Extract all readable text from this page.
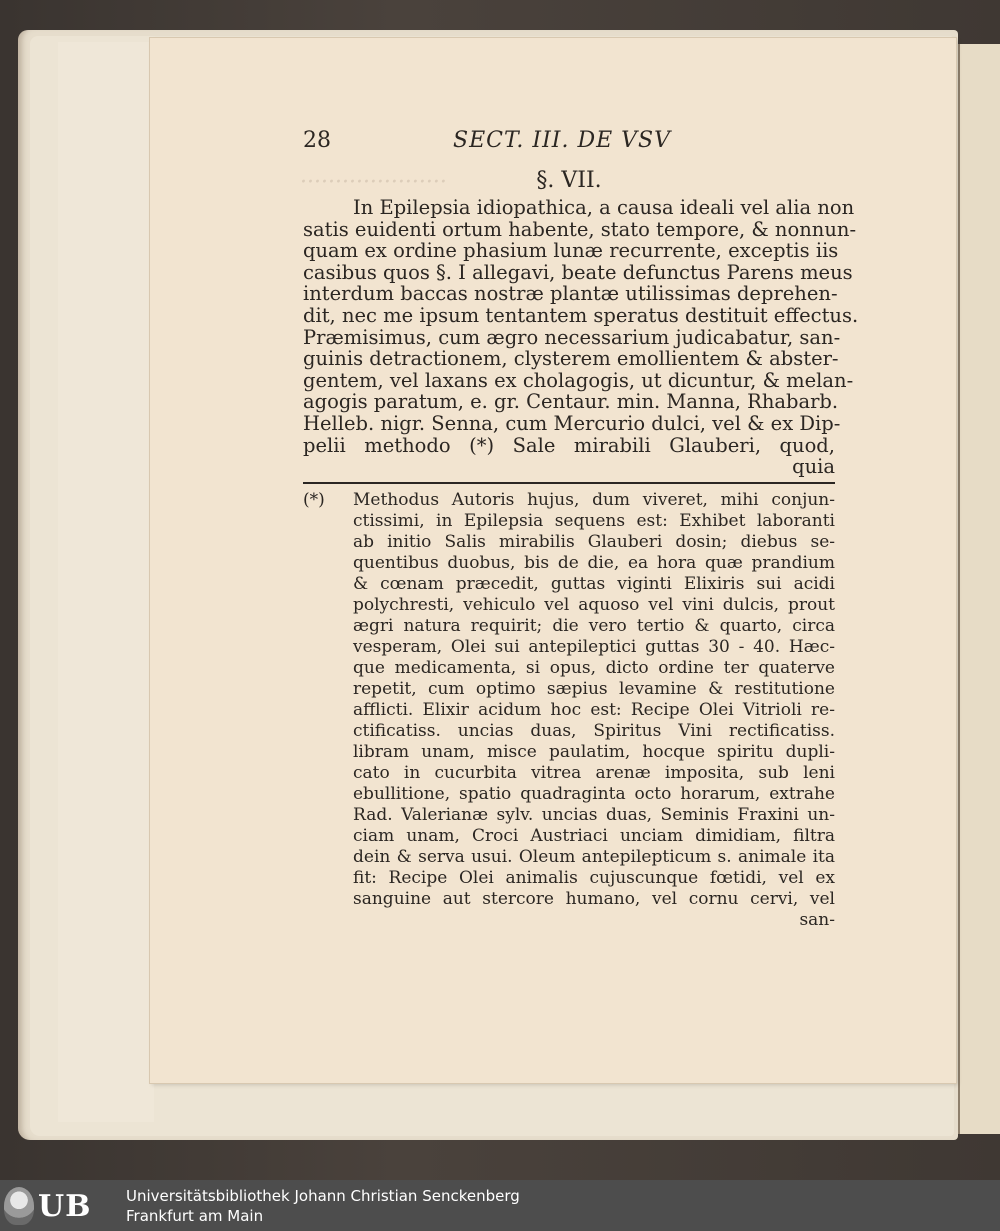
·····················
28	SECT. III. DE VSV
§. VII.
In Epilepsia idiopathica, a causa ideali vel alia non
satis euidenti ortum habente, stato tempore, & nonnun-
quam ex ordine phasium lunæ recurrente, exceptis iis
casibus quos §. I allegavi, beate defunctus Parens meus
interdum baccas nostræ plantæ utilissimas deprehen-
dit, nec me ipsum tentantem speratus destituit effectus.
Præmisimus, cum ægro necessarium judicabatur, san-
guinis detractionem, clysterem emollientem & abster-
gentem, vel laxans ex cholagogis, ut dicuntur, & melan-
agogis paratum, e. gr. Centaur. min. Manna, Rhabarb.
Helleb. nigr. Senna, cum Mercurio dulci, vel & ex Dip-
pelii methodo (*) Sale mirabili Glauberi, quod,
quia
(*) Methodus Autoris hujus, dum viveret, mihi conjun-
ctissimi, in Epilepsia sequens est: Exhibet laboranti
ab initio Salis mirabilis Glauberi dosin; diebus se-
quentibus duobus, bis de die, ea hora quæ prandium
& cœnam præcedit, guttas viginti Elixiris sui acidi
polychresti, vehiculo vel aquoso vel vini dulcis, prout
ægri natura requirit; die vero tertio & quarto, circa
vesperam, Olei sui antepileptici guttas 30 - 40. Hæc-
que medicamenta, si opus, dicto ordine ter quaterve
repetit, cum optimo sæpius levamine & restitutione
afflicti. Elixir acidum hoc est: Recipe Olei Vitrioli re-
ctificatiss. uncias duas, Spiritus Vini rectificatiss.
libram unam, misce paulatim, hocque spiritu dupli-
cato in cucurbita vitrea arenæ imposita, sub leni
ebullitione, spatio quadraginta octo horarum, extrahe
Rad. Valerianæ sylv. uncias duas, Seminis Fraxini un-
ciam unam, Croci Austriaci unciam dimidiam, filtra
dein & serva usui. Oleum antepilepticum s. animale ita
fit: Recipe Olei animalis cujuscunque fœtidi, vel ex
sanguine aut stercore humano, vel cornu cervi, vel
san-
UB Universitätsbibliothek Johann Christian Senckenberg
Frankfurt am Main
